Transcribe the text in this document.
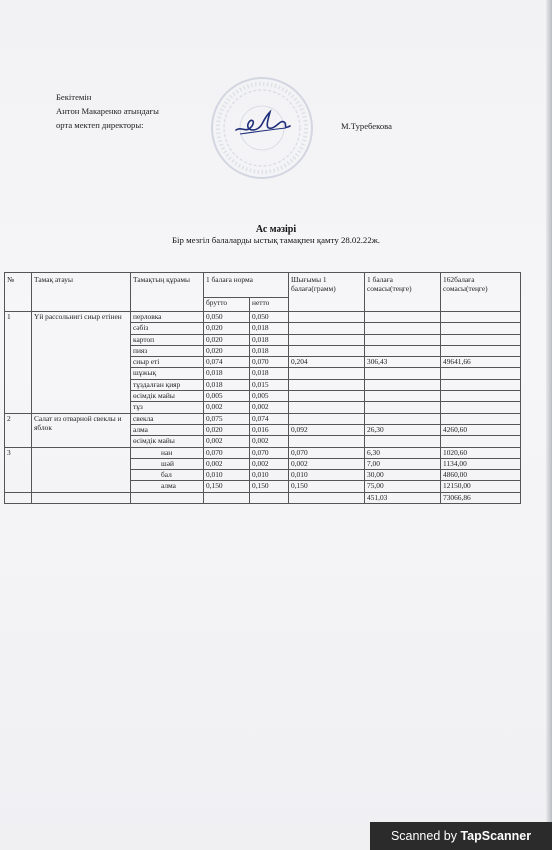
Бекітемін
Антон Макаренко атындағы
орта мектеп директоры:	М.Туребекова
Ас мәзірі
Бір мезгіл балаларды ыстық тамақпен қамту 28.02.22ж.
№	Тамақ атауы	Тамақтың құрамы	1 балаға норма		Шығымы 1 балаға(грамм)	1 балаға сомасы(теңге)	162балаға сомасы(теңге)
			брутто	нетто			
1	Үй рассольнигі сиыр етінен	перловка	0,050	0,050			
		сәбіз	0,020	0,018			
		картоп	0,020	0,018			
		пияз	0,020	0,018			
		сиыр еті	0,074	0,070	0,204	306,43	49641,66
		шұжық	0,018	0,018			
		тұздалған қияр	0,018	0,015			
		өсімдік майы	0,005	0,005			
		тұз	0,002	0,002			
2	Салат из отварной свеклы и яблок	свекла	0,075	0,074			
		алма	0,020	0,016	0,092	26,30	4260,60
		өсімдік майы	0,002	0,002			
3		нан	0,070	0,070	0,070	6,30	1020,60
		шәй	0,002	0,002	0,002	7,00	1134,00
		бал	0,010	0,010	0,010	30,00	4860,00
		алма	0,150	0,150	0,150	75,00	12150,00
						451,03	73066,86
Scanned by TapScanner
